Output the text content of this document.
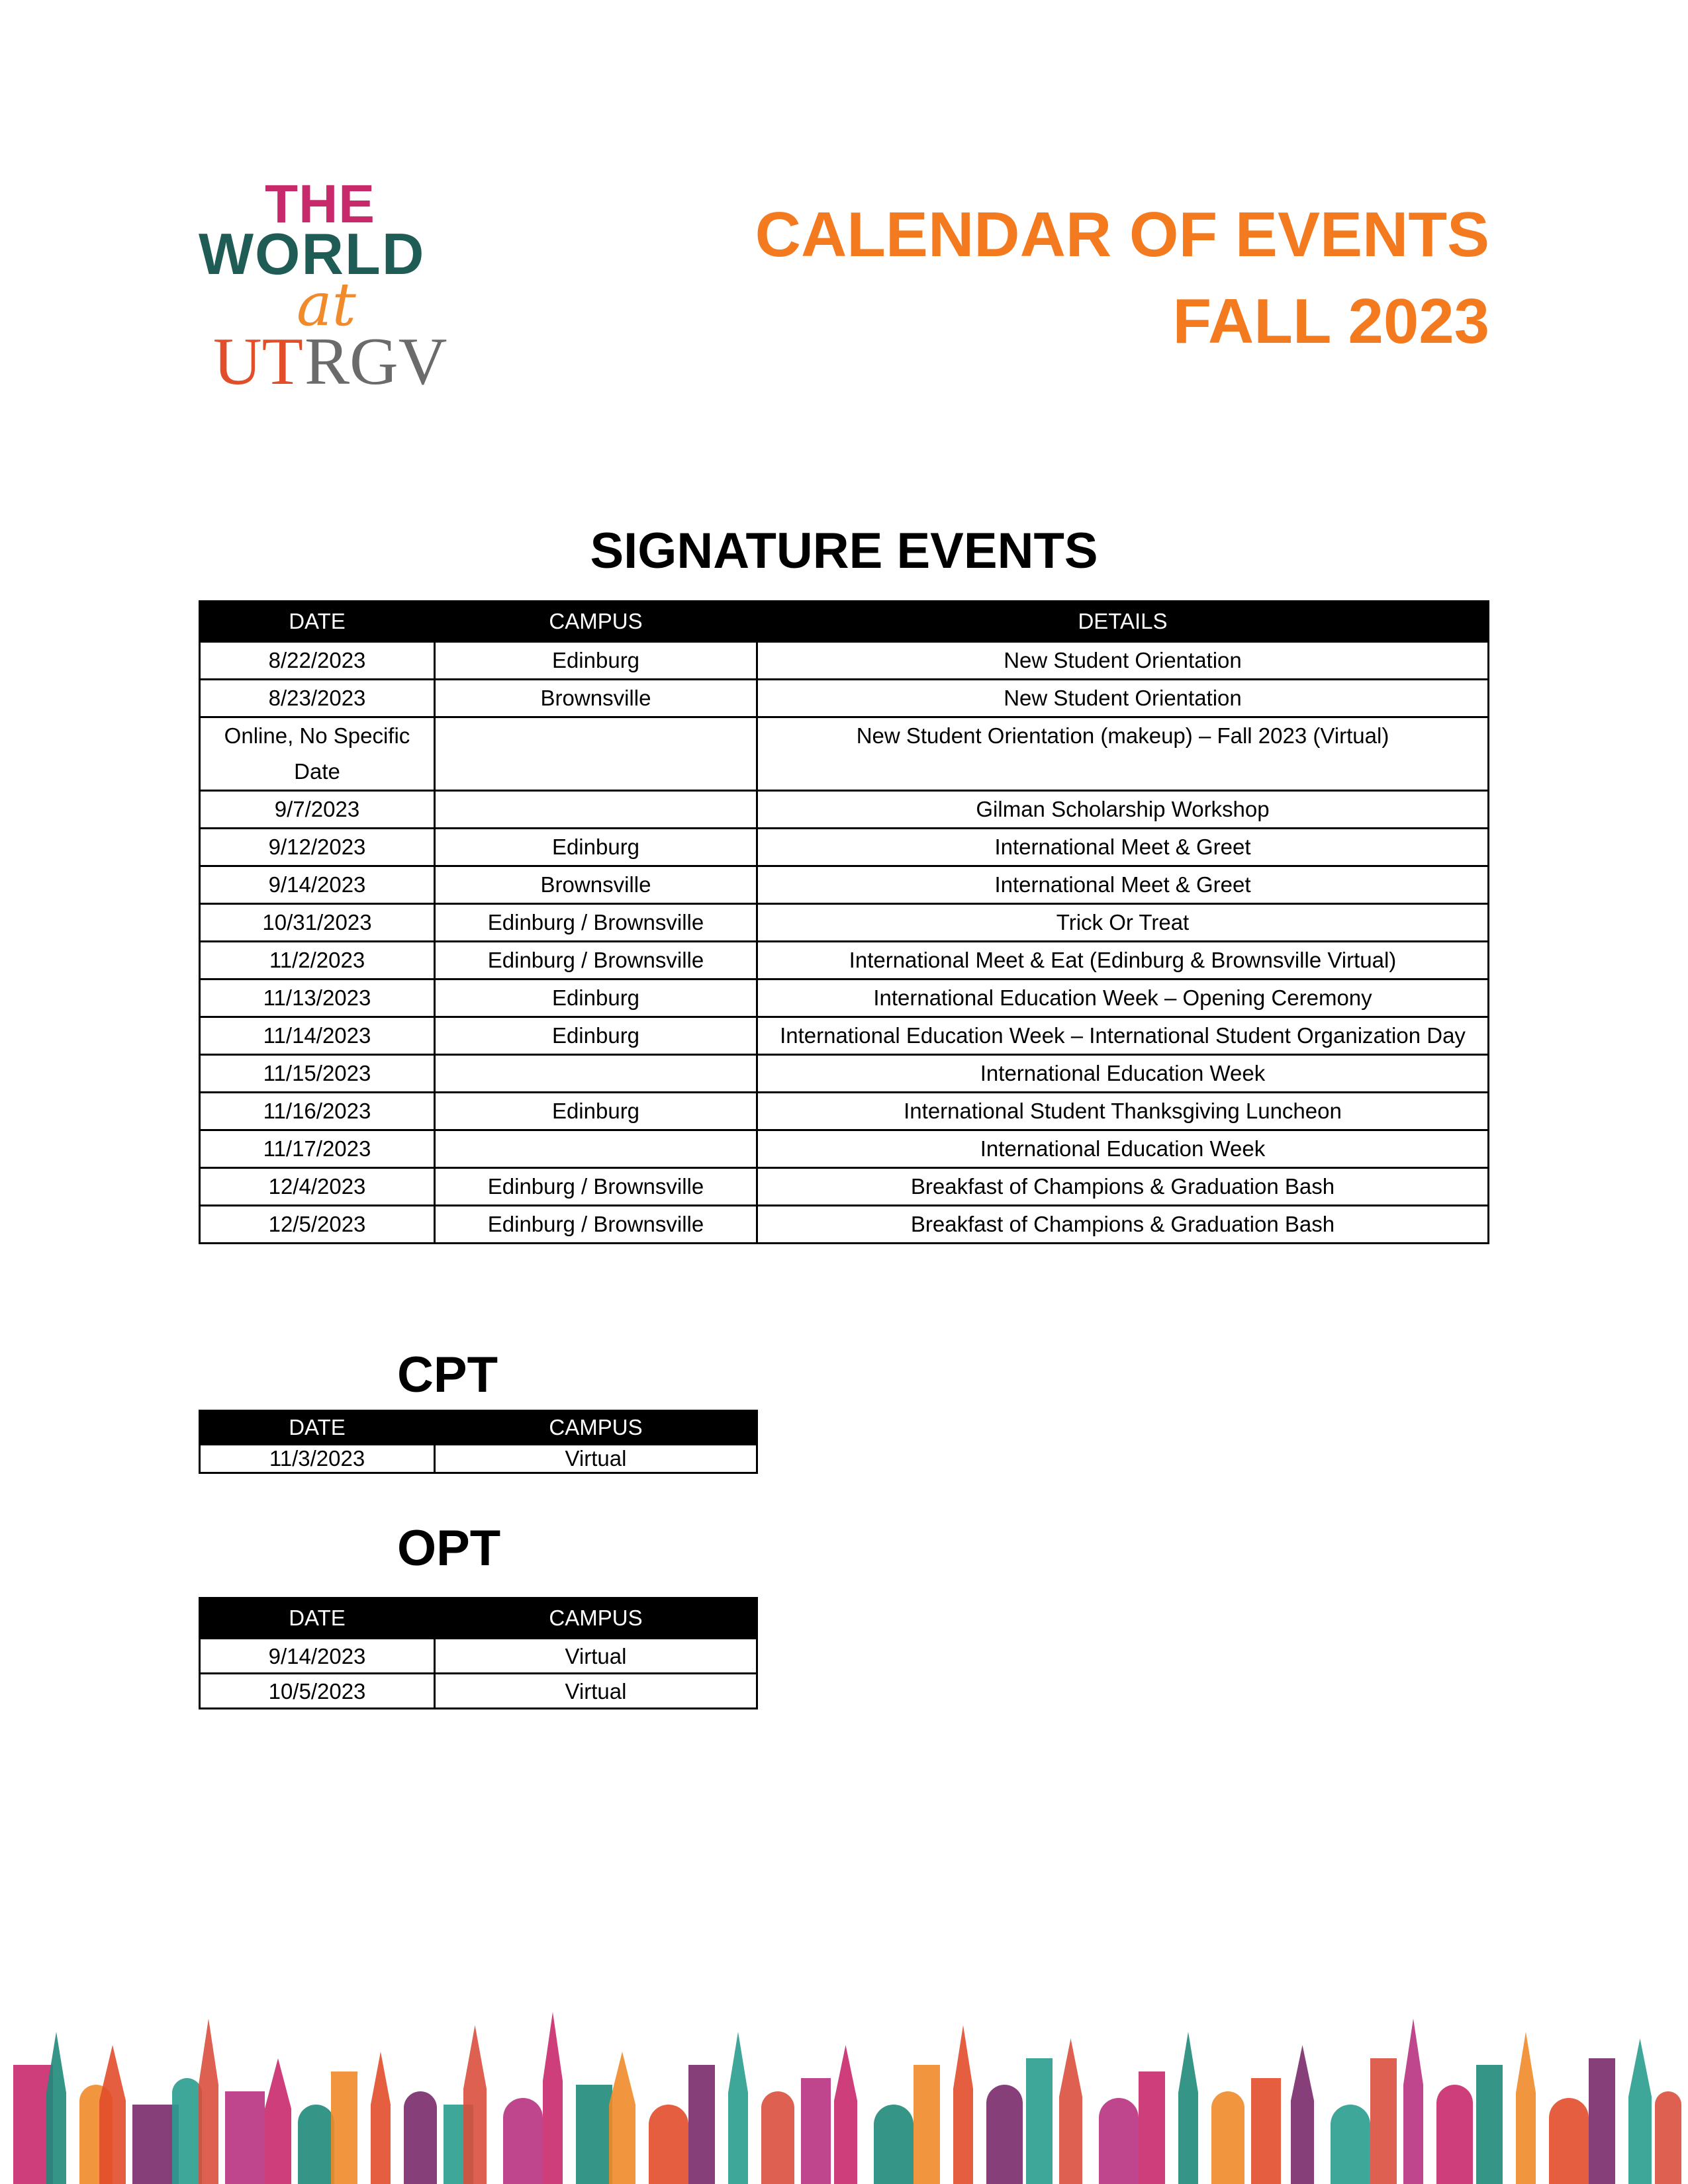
THE
WORLD
at
UT RGV
CALENDAR OF EVENTS
FALL 2023
SIGNATURE EVENTS
DATE	CAMPUS	DETAILS
8/22/2023	Edinburg	New Student Orientation
8/23/2023	Brownsville	New Student Orientation
Online, No Specific Date		New Student Orientation (makeup) – Fall 2023 (Virtual)
9/7/2023		Gilman Scholarship Workshop
9/12/2023	Edinburg	International Meet & Greet
9/14/2023	Brownsville	International Meet & Greet
10/31/2023	Edinburg / Brownsville	Trick Or Treat
11/2/2023	Edinburg / Brownsville	International Meet & Eat (Edinburg & Brownsville Virtual)
11/13/2023	Edinburg	International Education Week – Opening Ceremony
11/14/2023	Edinburg	International Education Week – International Student Organization Day
11/15/2023		International Education Week
11/16/2023	Edinburg	International Student Thanksgiving Luncheon
11/17/2023		International Education Week
12/4/2023	Edinburg / Brownsville	Breakfast of Champions & Graduation Bash
12/5/2023	Edinburg / Brownsville	Breakfast of Champions & Graduation Bash
CPT
DATE	CAMPUS
11/3/2023	Virtual
OPT
DATE	CAMPUS
9/14/2023	Virtual
10/5/2023	Virtual
